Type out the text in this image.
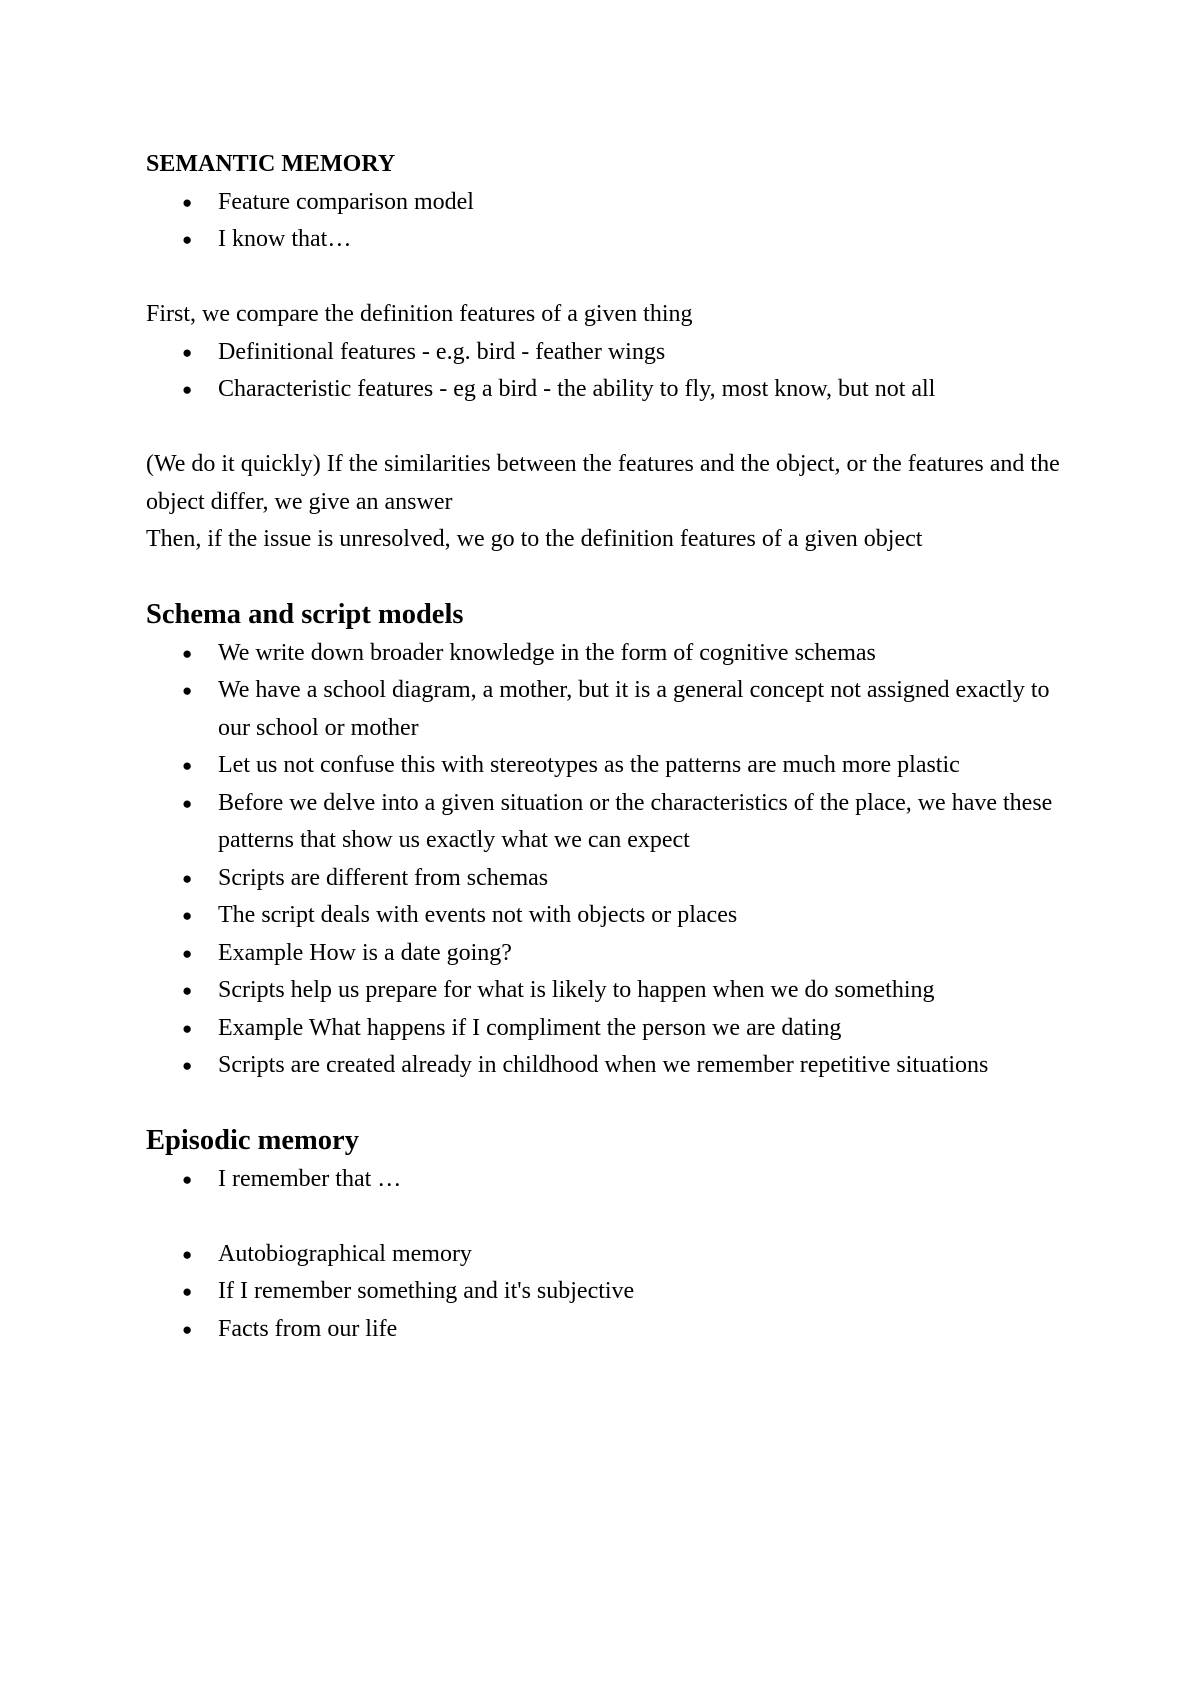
SEMANTIC MEMORY
● Feature comparison model
● I know that…

First, we compare the definition features of a given thing

● Definitional features - e.g. bird - feather wings
● Characteristic features - eg a bird - the ability to fly, most know, but not all

(We do it quickly) If the similarities between the features and the object, or the features and the object differ, we give an answer

Then, if the issue is unresolved, we go to the definition features of a given object

Schema and script models
● We write down broader knowledge in the form of cognitive schemas
● We have a school diagram, a mother, but it is a general concept not assigned exactly to our school or mother
● Let us not confuse this with stereotypes as the patterns are much more plastic
● Before we delve into a given situation or the characteristics of the place, we have these patterns that show us exactly what we can expect
● Scripts are different from schemas
● The script deals with events not with objects or places
● Example How is a date going?
● Scripts help us prepare for what is likely to happen when we do something
● Example What happens if I compliment the person we are dating
● Scripts are created already in childhood when we remember repetitive situations
Episodic memory
● I remember that …
● Autobiographical memory
● If I remember something and it's subjective
● Facts from our life
